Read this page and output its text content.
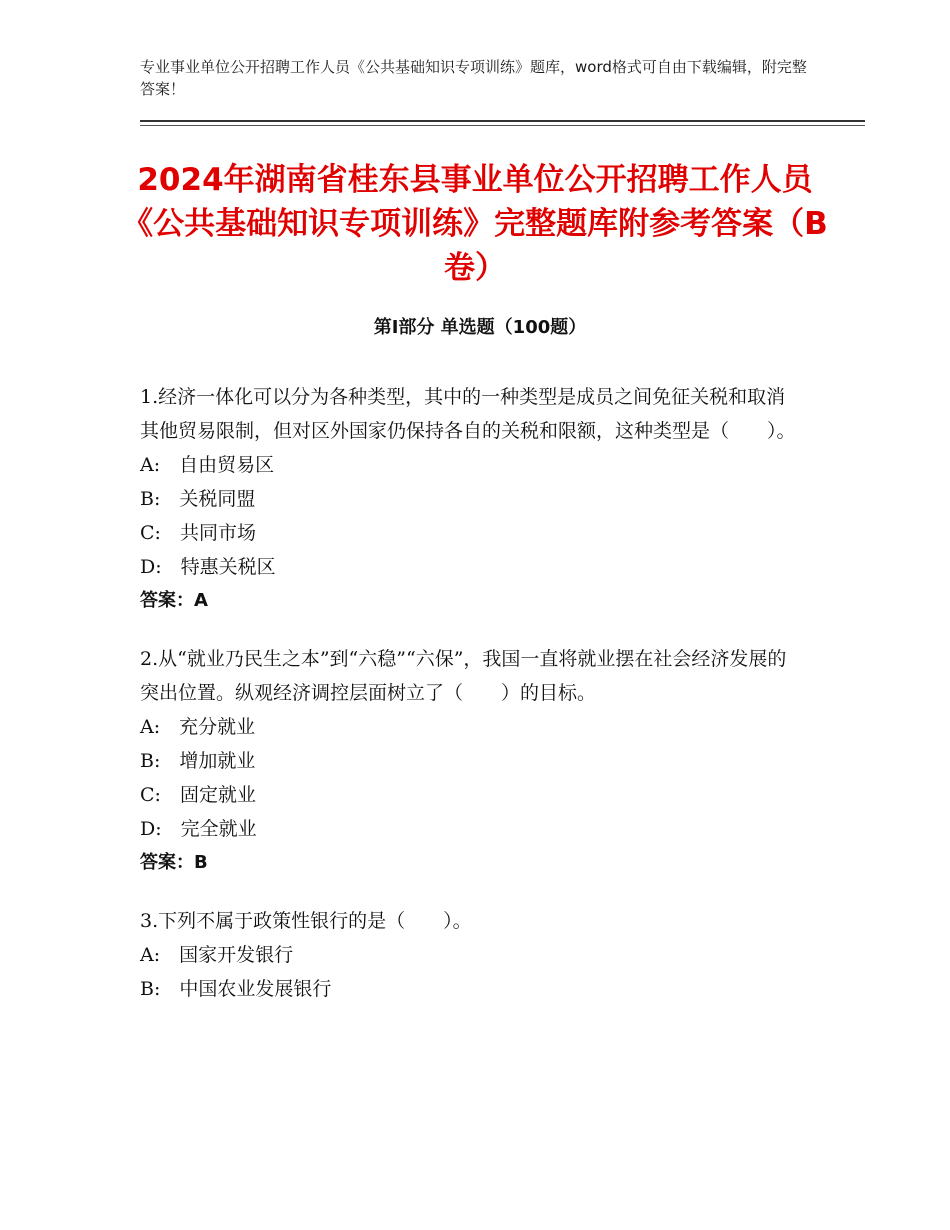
专业事业单位公开招聘工作人员《公共基础知识专项训练》题库，word格式可自由下载编辑，附完整答案！
2024年湖南省桂东县事业单位公开招聘工作人员《公共基础知识专项训练》完整题库附参考答案（B卷）
第Ⅰ部分 单选题（100题）

1.经济一体化可以分为各种类型，其中的一种类型是成员之间免征关税和取消其他贸易限制，但对区外国家仍保持各自的关税和限额，这种类型是（　　）。

A:　自由贸易区
B:　关税同盟
C:　共同市场
D:　特惠关税区
答案：A

2.从“就业乃民生之本”到“六稳”“六保”，我国一直将就业摆在社会经济发展的突出位置。纵观经济调控层面树立了（　　）的目标。

A:　充分就业
B:　增加就业
C:　固定就业
D:　完全就业
答案：B

3.下列不属于政策性银行的是（　　）。

A:　国家开发银行
B:　中国农业发展银行
